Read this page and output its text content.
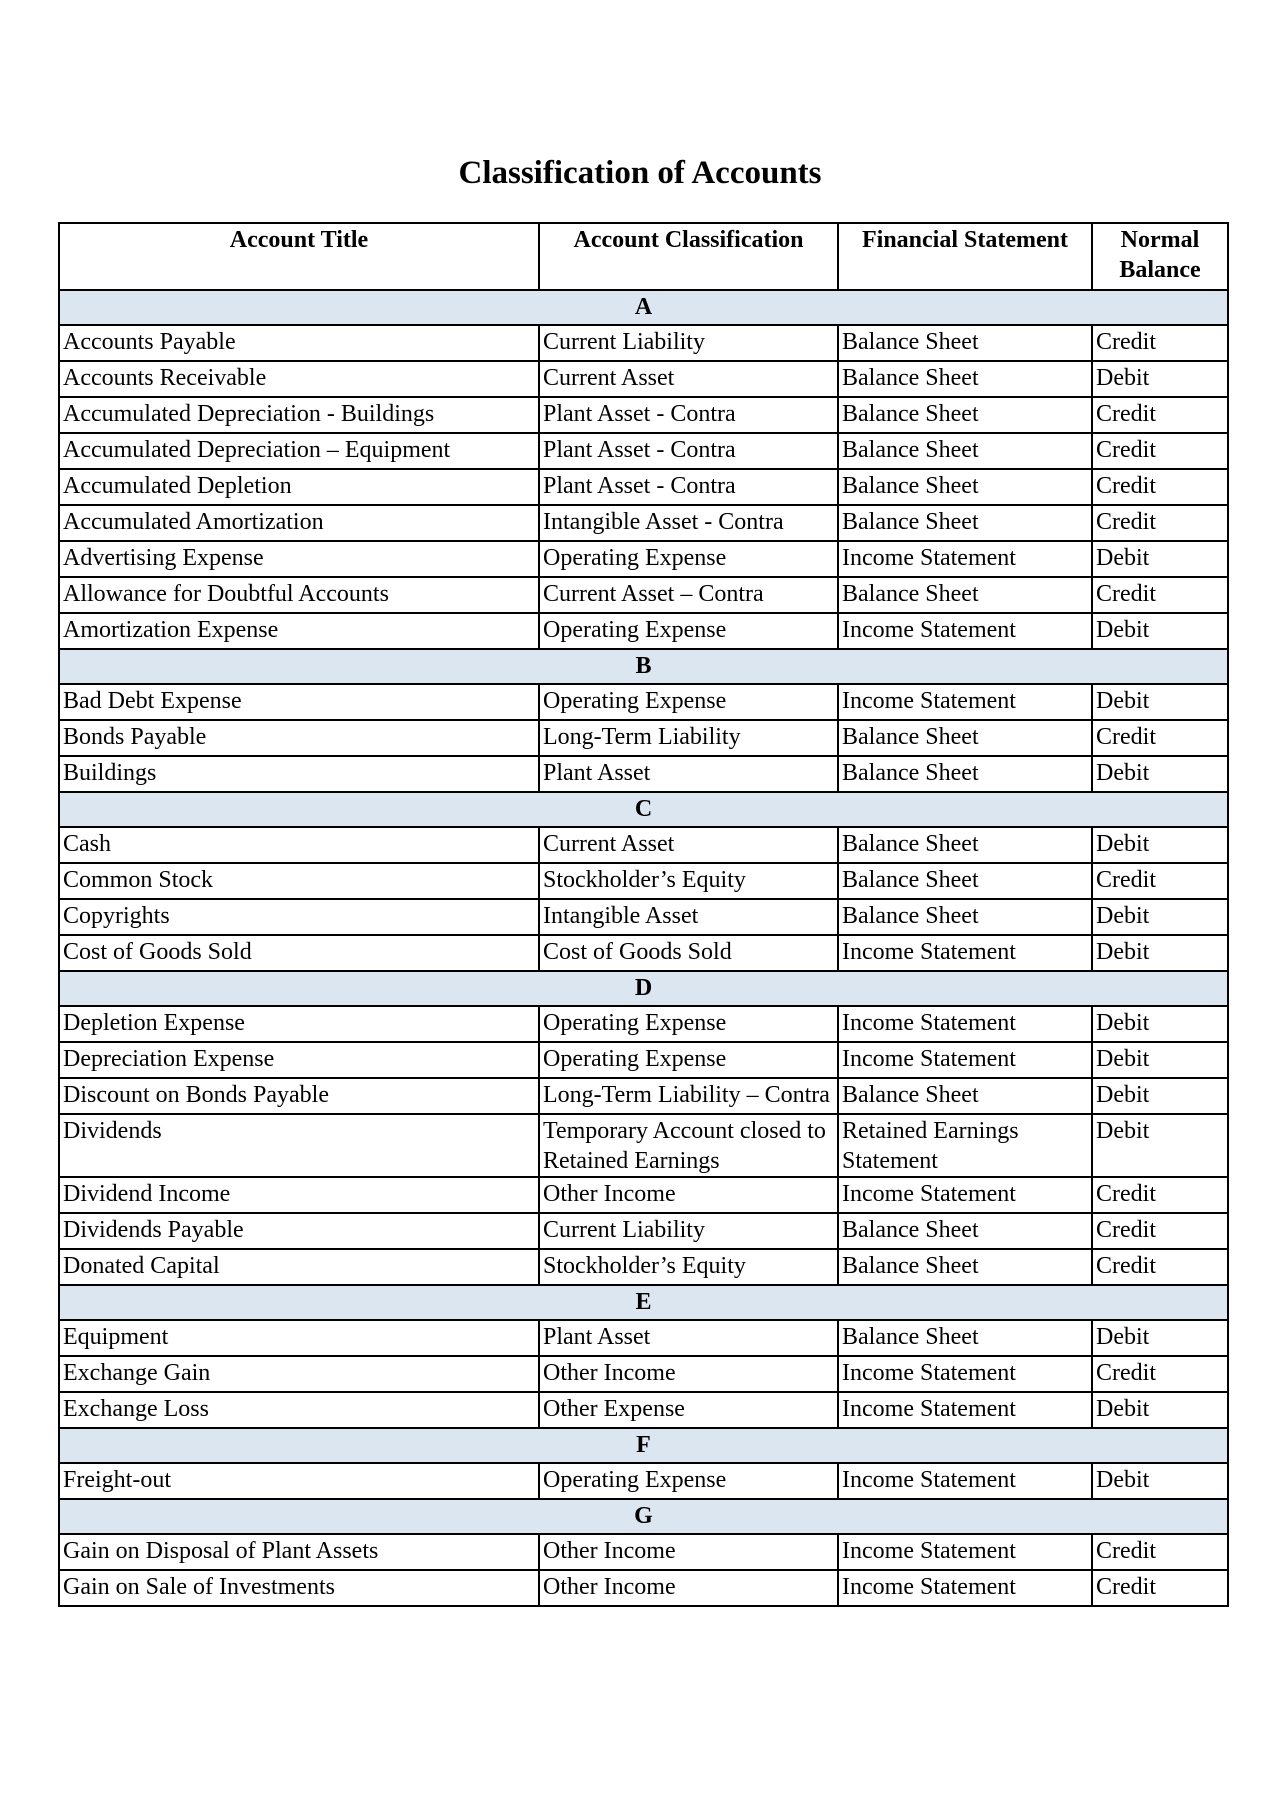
Classification of Accounts
Account Title	Account Classification	Financial Statement	Normal Balance
A			
Accounts Payable	Current Liability	Balance Sheet	Credit
Accounts Receivable	Current Asset	Balance Sheet	Debit
Accumulated Depreciation - Buildings	Plant Asset - Contra	Balance Sheet	Credit
Accumulated Depreciation – Equipment	Plant Asset - Contra	Balance Sheet	Credit
Accumulated Depletion	Plant Asset - Contra	Balance Sheet	Credit
Accumulated Amortization	Intangible Asset - Contra	Balance Sheet	Credit
Advertising Expense	Operating Expense	Income Statement	Debit
Allowance for Doubtful Accounts	Current Asset – Contra	Balance Sheet	Credit
Amortization Expense	Operating Expense	Income Statement	Debit
B			
Bad Debt Expense	Operating Expense	Income Statement	Debit
Bonds Payable	Long-Term Liability	Balance Sheet	Credit
Buildings	Plant Asset	Balance Sheet	Debit
C			
Cash	Current Asset	Balance Sheet	Debit
Common Stock	Stockholder’s Equity	Balance Sheet	Credit
Copyrights	Intangible Asset	Balance Sheet	Debit
Cost of Goods Sold	Cost of Goods Sold	Income Statement	Debit
D			
Depletion Expense	Operating Expense	Income Statement	Debit
Depreciation Expense	Operating Expense	Income Statement	Debit
Discount on Bonds Payable	Long-Term Liability – Contra	Balance Sheet	Debit
Dividends	Temporary Account closed to Retained Earnings	Retained Earnings Statement	Debit
Dividend Income	Other Income	Income Statement	Credit
Dividends Payable	Current Liability	Balance Sheet	Credit
Donated Capital	Stockholder’s Equity	Balance Sheet	Credit
E			
Equipment	Plant Asset	Balance Sheet	Debit
Exchange Gain	Other Income	Income Statement	Credit
Exchange Loss	Other Expense	Income Statement	Debit
F			
Freight-out	Operating Expense	Income Statement	Debit
G			
Gain on Disposal of Plant Assets	Other Income	Income Statement	Credit
Gain on Sale of Investments	Other Income	Income Statement	Credit
